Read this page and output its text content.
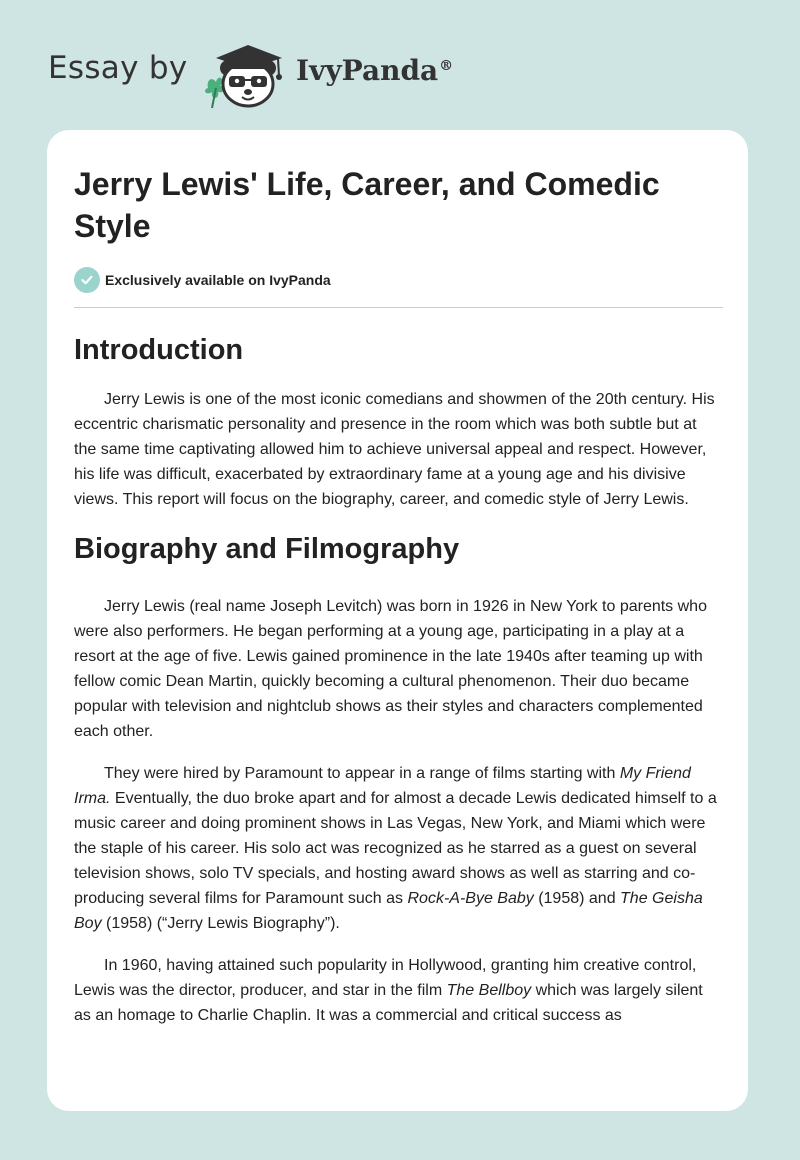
Essay by	IvyPanda®
Jerry Lewis' Life, Career, and Comedic Style
Exclusively available on IvyPanda
Introduction

Jerry Lewis is one of the most iconic comedians and showmen of the 20th century. His eccentric charismatic personality and presence in the room which was both subtle but at the same time captivating allowed him to achieve universal appeal and respect. However, his life was difficult, exacerbated by extraordinary fame at a young age and his divisive views. This report will focus on the biography, career, and comedic style of Jerry Lewis.

Biography and Filmography

Jerry Lewis (real name Joseph Levitch) was born in 1926 in New York to parents who were also performers. He began performing at a young age, participating in a play at a resort at the age of five. Lewis gained prominence in the late 1940s after teaming up with fellow comic Dean Martin, quickly becoming a cultural phenomenon. Their duo became popular with television and nightclub shows as their styles and characters complemented each other.

They were hired by Paramount to appear in a range of films starting with My Friend Irma. Eventually, the duo broke apart and for almost a decade Lewis dedicated himself to a music career and doing prominent shows in Las Vegas, New York, and Miami which were the staple of his career. His solo act was recognized as he starred as a guest on several television shows, solo TV specials, and hosting award shows as well as starring and co-producing several films for Paramount such as Rock-A-Bye Baby (1958) and The Geisha Boy (1958) (“Jerry Lewis Biography”).

In 1960, having attained such popularity in Hollywood, granting him creative control, Lewis was the director, producer, and star in the film The Bellboy which was largely silent as an homage to Charlie Chaplin. It was a commercial and critical success as
